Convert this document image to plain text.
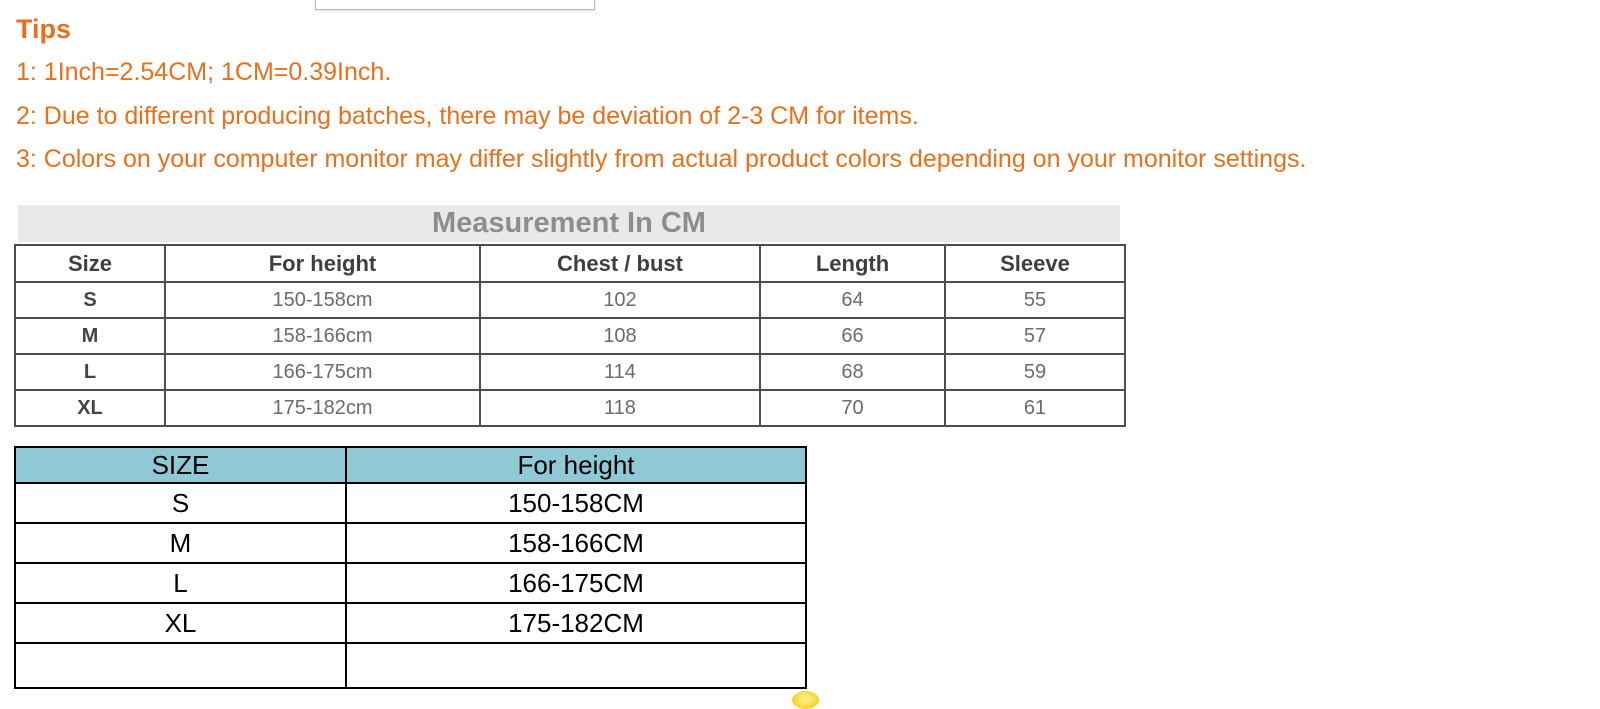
Tips
1: 1Inch=2.54CM; 1CM=0.39Inch.
2: Due to different producing batches, there may be deviation of 2-3 CM for items.
3: Colors on your computer monitor may differ slightly from actual product colors depending on your monitor settings.
Measurement In CM
Size	For height	Chest / bust	Length	Sleeve
S	150-158cm	102	64	55
M	158-166cm	108	66	57
L	166-175cm	114	68	59
XL	175-182cm	118	70	61
SIZE	For height
S	150-158CM
M	158-166CM
L	166-175CM
XL	175-182CM
